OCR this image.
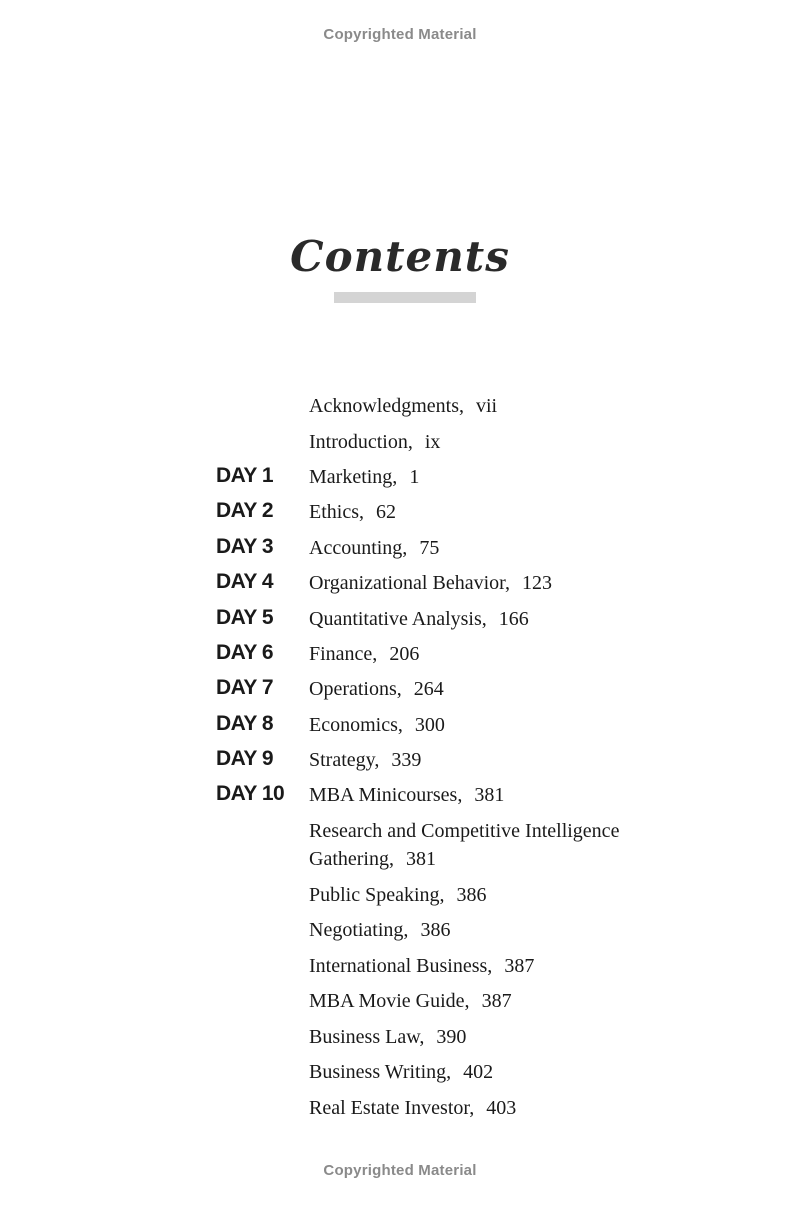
Copyrighted Material
Contents
Acknowledgments, vii
Introduction, ix
DAY 1 Marketing, 1
DAY 2 Ethics, 62
DAY 3 Accounting, 75
DAY 4 Organizational Behavior, 123
DAY 5 Quantitative Analysis, 166
DAY 6 Finance, 206
DAY 7 Operations, 264
DAY 8 Economics, 300
DAY 9 Strategy, 339
DAY 10 MBA Minicourses, 381
Research and Competitive Intelligence Gathering, 381
Public Speaking, 386
Negotiating, 386
International Business, 387
MBA Movie Guide, 387
Business Law, 390
Business Writing, 402
Real Estate Investor, 403
Copyrighted Material
